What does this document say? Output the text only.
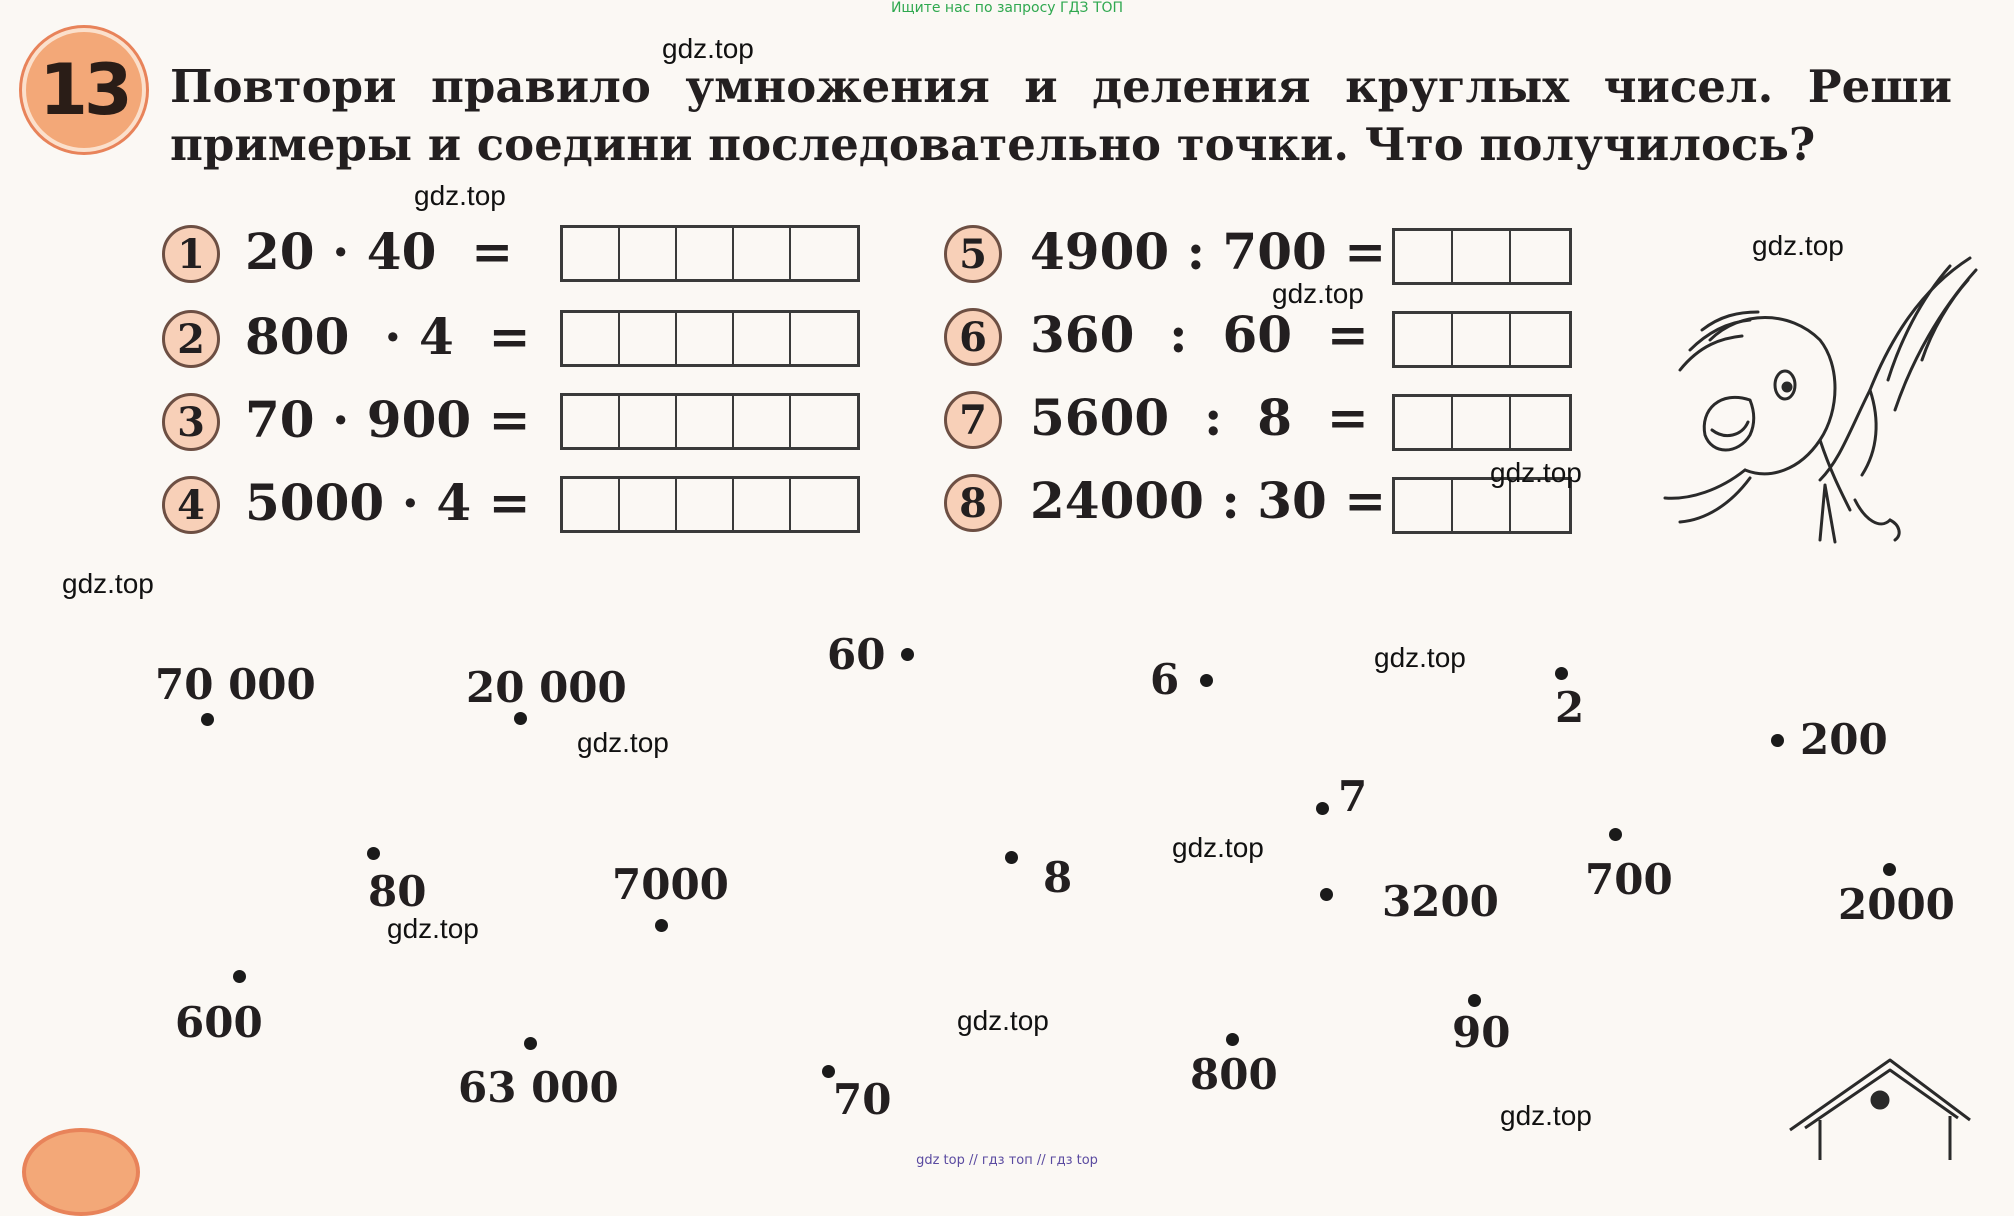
Ищите нас по запросу ГДЗ ТОП
13 Повтори правило умножения и деления круглых чисел. Реши
примеры и соедини последовательно точки. Что получилось?
1 20 · 40  =
2 800  · 4  =
3 70 · 900 =
4 5000 · 4 =
5 4900 : 700 =
6 360  :  60  =
7 5600  :  8  =
8 24000 : 30 =
70 000	20 000
60
6
2
200
7
80	7000	8	3200 700
2000
600	90
63 000	70
800
gdz.top
gdz.top
gdz.top
gdz.top
gdz.top
gdz.top
gdz.top
gdz.top
gdz.top
gdz.top
gdz.top
gdz.top
gdz top // гдз топ // гдз top
